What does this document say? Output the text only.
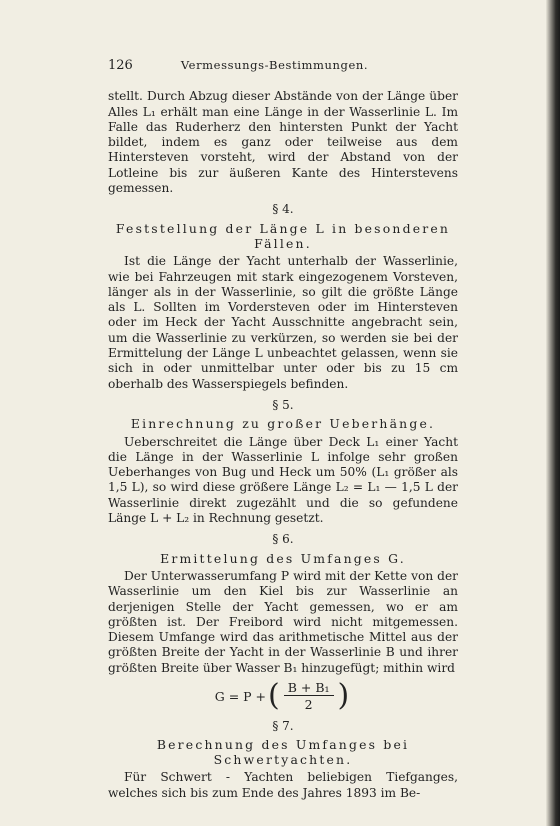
126	Vermessungs-Bestimmungen.

stellt. Durch Abzug dieser Abstände von der Länge über Alles L₁ erhält man eine Länge in der Wasserlinie L. Im Falle das Ruderherz den hintersten Punkt der Yacht bildet, indem es ganz oder teilweise aus dem Hintersteven vorsteht, wird der Abstand von der Lotleine bis zur äußeren Kante des Hinterstevens gemessen.

§ 4.
Feststellung der Länge L in besonderen Fällen.

Ist die Länge der Yacht unterhalb der Wasserlinie, wie bei Fahrzeugen mit stark eingezogenem Vorsteven, länger als in der Wasserlinie, so gilt die größte Länge als L. Sollten im Vordersteven oder im Hintersteven oder im Heck der Yacht Ausschnitte angebracht sein, um die Wasserlinie zu verkürzen, so werden sie bei der Ermittelung der Länge L unbeachtet gelassen, wenn sie sich in oder unmittelbar unter oder bis zu 15 cm oberhalb des Wasserspiegels befinden.

§ 5.
Einrechnung zu großer Ueberhänge.

Ueberschreitet die Länge über Deck L₁ einer Yacht die Länge in der Wasserlinie L infolge sehr großen Ueberhanges von Bug und Heck um 50% (L₁ größer als 1,5 L), so wird diese größere Länge L₂ = L₁ — 1,5 L der Wasserlinie direkt zugezählt und die so gefundene Länge L + L₂ in Rechnung gesetzt.

§ 6.
Ermittelung des Umfanges G.

Der Unterwasserumfang P wird mit der Kette von der Wasserlinie um den Kiel bis zur Wasserlinie an derjenigen Stelle der Yacht gemessen, wo er am größten ist. Der Freibord wird nicht mitgemessen. Diesem Umfange wird das arithmetische Mittel aus der größten Breite der Yacht in der Wasserlinie B und ihrer größten Breite über Wasser B₁ hinzugefügt; mithin wird

G = P + ( $\frac{\text{B + B₁}}{2}$ )
§ 7.
Berechnung des Umfanges bei Schwertyachten.

Für Schwert - Yachten beliebigen Tiefganges, welches sich bis zum Ende des Jahres 1893 im Be-
